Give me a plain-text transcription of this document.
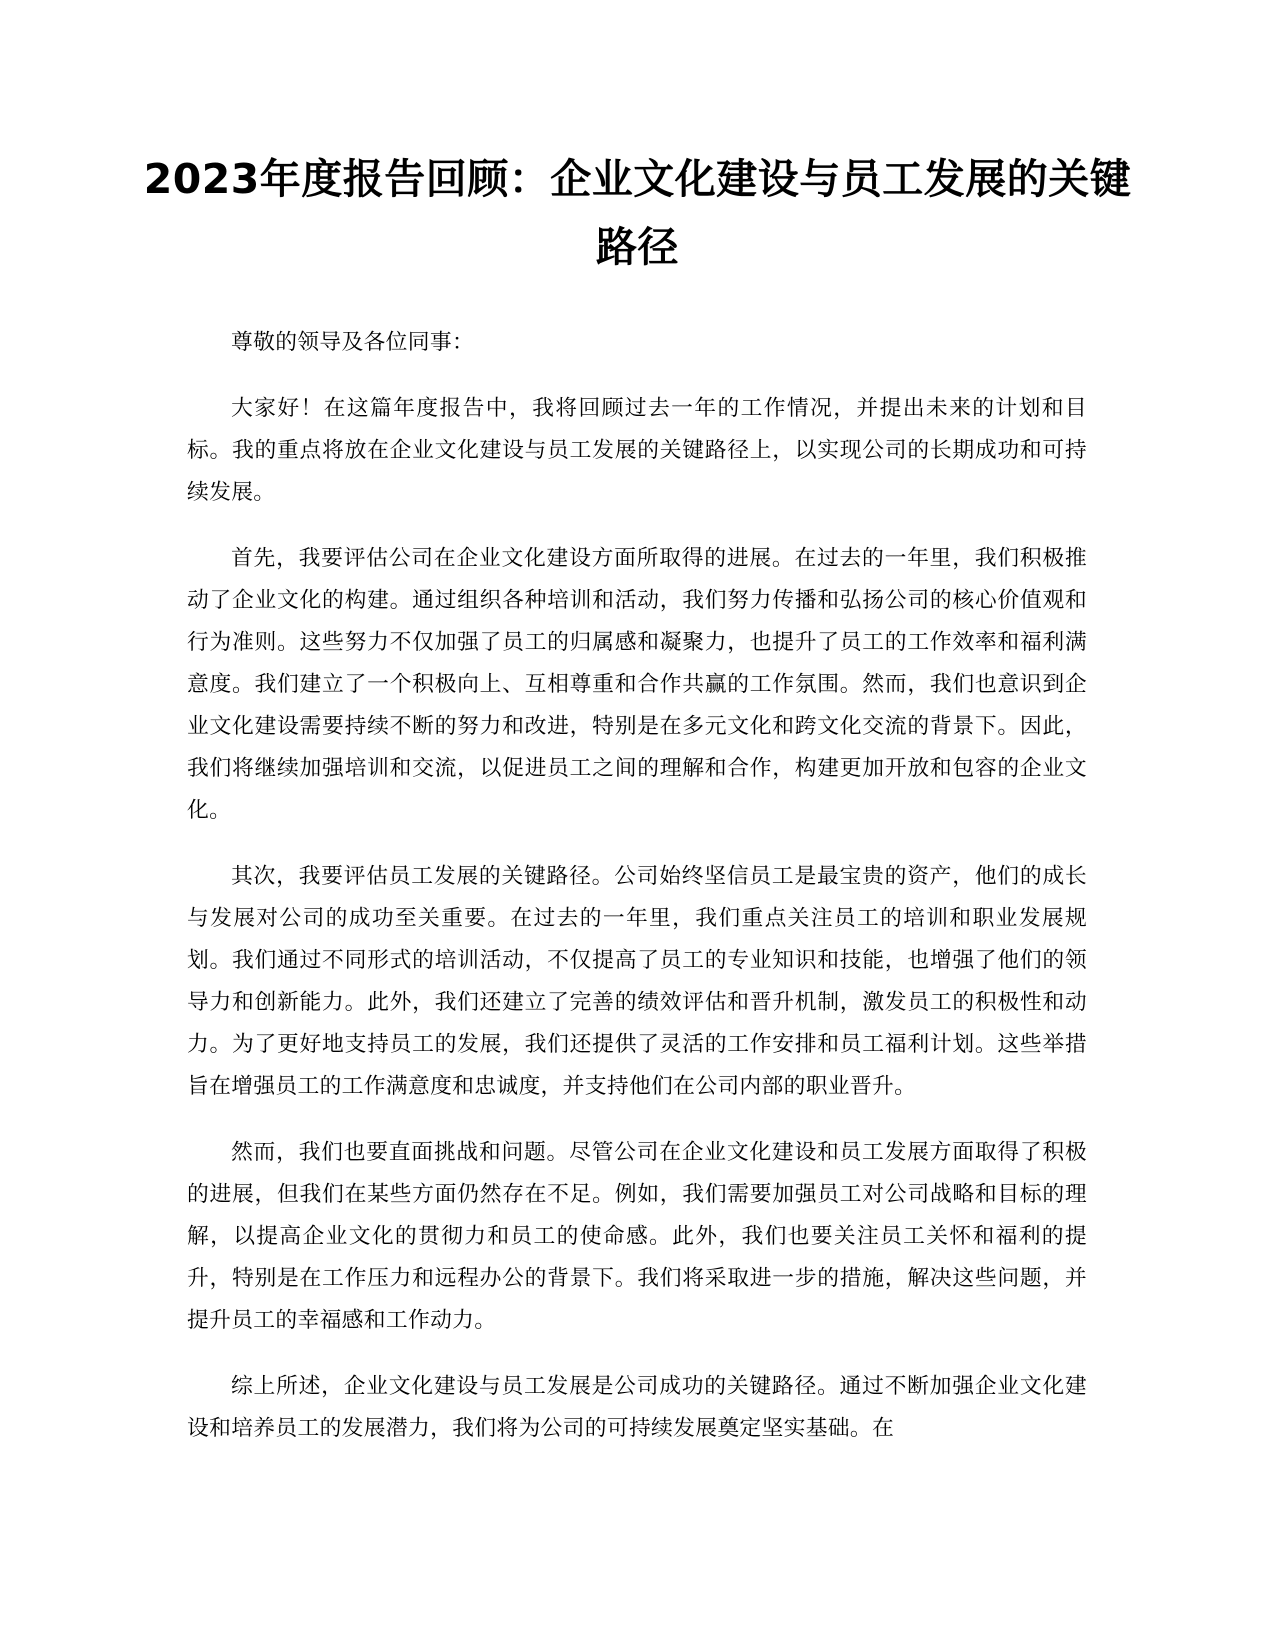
2023年度报告回顾：企业文化建设与员工发展的关键路径

尊敬的领导及各位同事：

大家好！在这篇年度报告中，我将回顾过去一年的工作情况，并提出未来的计划和目标。我的重点将放在企业文化建设与员工发展的关键路径上，以实现公司的长期成功和可持续发展。

首先，我要评估公司在企业文化建设方面所取得的进展。在过去的一年里，我们积极推动了企业文化的构建。通过组织各种培训和活动，我们努力传播和弘扬公司的核心价值观和行为准则。这些努力不仅加强了员工的归属感和凝聚力，也提升了员工的工作效率和福利满意度。我们建立了一个积极向上、互相尊重和合作共赢的工作氛围。然而，我们也意识到企业文化建设需要持续不断的努力和改进，特别是在多元文化和跨文化交流的背景下。因此，我们将继续加强培训和交流，以促进员工之间的理解和合作，构建更加开放和包容的企业文化。

其次，我要评估员工发展的关键路径。公司始终坚信员工是最宝贵的资产，他们的成长与发展对公司的成功至关重要。在过去的一年里，我们重点关注员工的培训和职业发展规划。我们通过不同形式的培训活动，不仅提高了员工的专业知识和技能，也增强了他们的领导力和创新能力。此外，我们还建立了完善的绩效评估和晋升机制，激发员工的积极性和动力。为了更好地支持员工的发展，我们还提供了灵活的工作安排和员工福利计划。这些举措旨在增强员工的工作满意度和忠诚度，并支持他们在公司内部的职业晋升。

然而，我们也要直面挑战和问题。尽管公司在企业文化建设和员工发展方面取得了积极的进展，但我们在某些方面仍然存在不足。例如，我们需要加强员工对公司战略和目标的理解，以提高企业文化的贯彻力和员工的使命感。此外，我们也要关注员工关怀和福利的提升，特别是在工作压力和远程办公的背景下。我们将采取进一步的措施，解决这些问题，并提升员工的幸福感和工作动力。

综上所述，企业文化建设与员工发展是公司成功的关键路径。通过不断加强企业文化建设和培养员工的发展潜力，我们将为公司的可持续发展奠定坚实基础。在
